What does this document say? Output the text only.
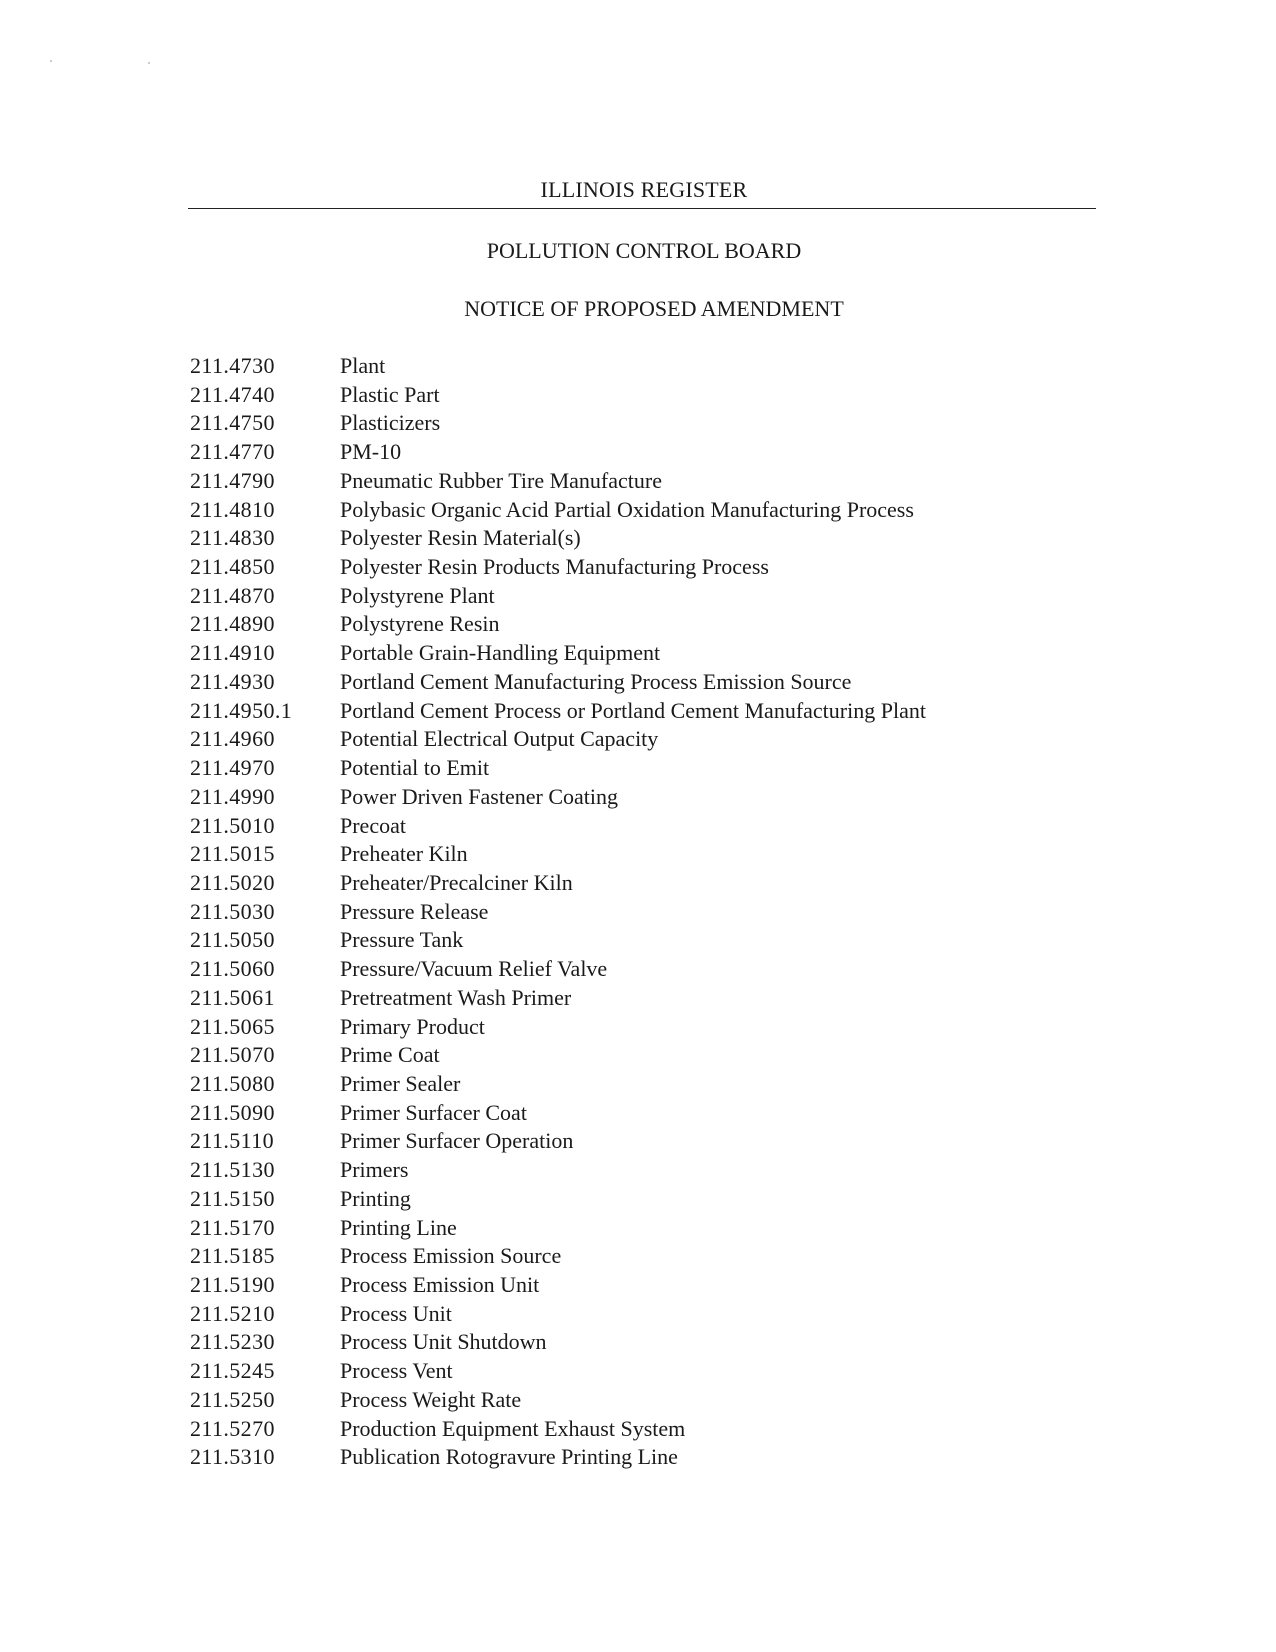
ILLINOIS REGISTER
POLLUTION CONTROL BOARD
NOTICE OF PROPOSED AMENDMENT
211.4730	Plant
211.4740	Plastic Part
211.4750	Plasticizers
211.4770	PM-10
211.4790	Pneumatic Rubber Tire Manufacture
211.4810	Polybasic Organic Acid Partial Oxidation Manufacturing Process
211.4830	Polyester Resin Material(s)
211.4850	Polyester Resin Products Manufacturing Process
211.4870	Polystyrene Plant
211.4890	Polystyrene Resin
211.4910	Portable Grain-Handling Equipment
211.4930	Portland Cement Manufacturing Process Emission Source
211.4950.1	Portland Cement Process or Portland Cement Manufacturing Plant
211.4960	Potential Electrical Output Capacity
211.4970	Potential to Emit
211.4990	Power Driven Fastener Coating
211.5010	Precoat
211.5015	Preheater Kiln
211.5020	Preheater/Precalciner Kiln
211.5030	Pressure Release
211.5050	Pressure Tank
211.5060	Pressure/Vacuum Relief Valve
211.5061	Pretreatment Wash Primer
211.5065	Primary Product
211.5070	Prime Coat
211.5080	Primer Sealer
211.5090	Primer Surfacer Coat
211.5110	Primer Surfacer Operation
211.5130	Primers
211.5150	Printing
211.5170	Printing Line
211.5185	Process Emission Source
211.5190	Process Emission Unit
211.5210	Process Unit
211.5230	Process Unit Shutdown
211.5245	Process Vent
211.5250	Process Weight Rate
211.5270	Production Equipment Exhaust System
211.5310	Publication Rotogravure Printing Line
